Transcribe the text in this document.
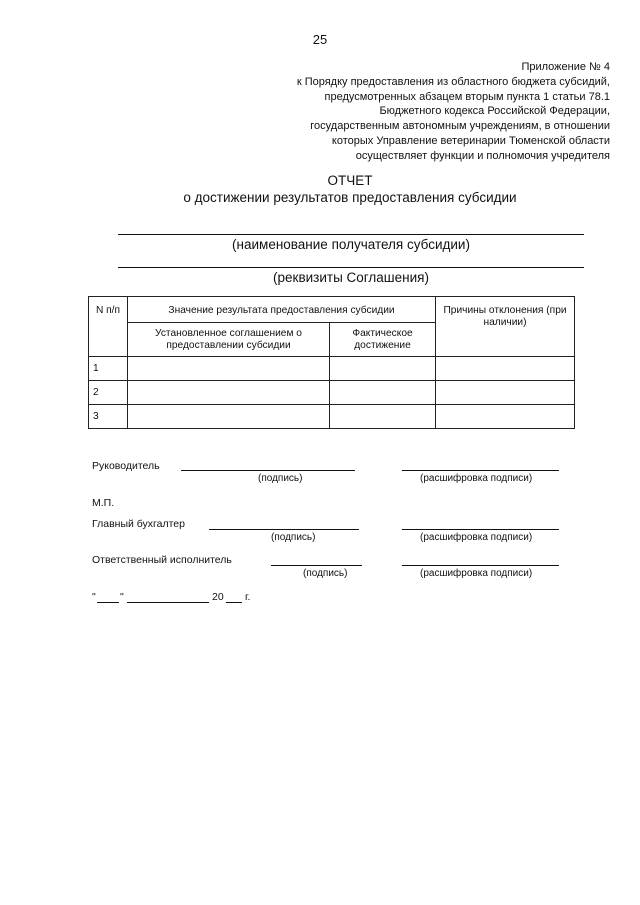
25
Приложение № 4
к Порядку предоставления из областного бюджета субсидий,
предусмотренных абзацем вторым пункта 1 статьи 78.1
Бюджетного кодекса Российской Федерации,
государственным автономным учреждениям, в отношении
которых Управление ветеринарии Тюменской области
осуществляет функции и полномочия учредителя
ОТЧЕТ
о достижении результатов предоставления субсидии
(наименование получателя субсидии)
(реквизиты Соглашения)
N п/п	Значение результата предоставления субсидии		Причины отклонения (при наличии)
	Установленное соглашением о предоставлении субсидии	Фактическое достижение	
1			
2			
3			
Руководитель
(подпись)	(расшифровка подписи)
М.П.
Главный бухгалтер
(подпись)	(расшифровка подписи)
Ответственный исполнитель
(подпись)	(расшифровка подписи)
" "	20 г.
